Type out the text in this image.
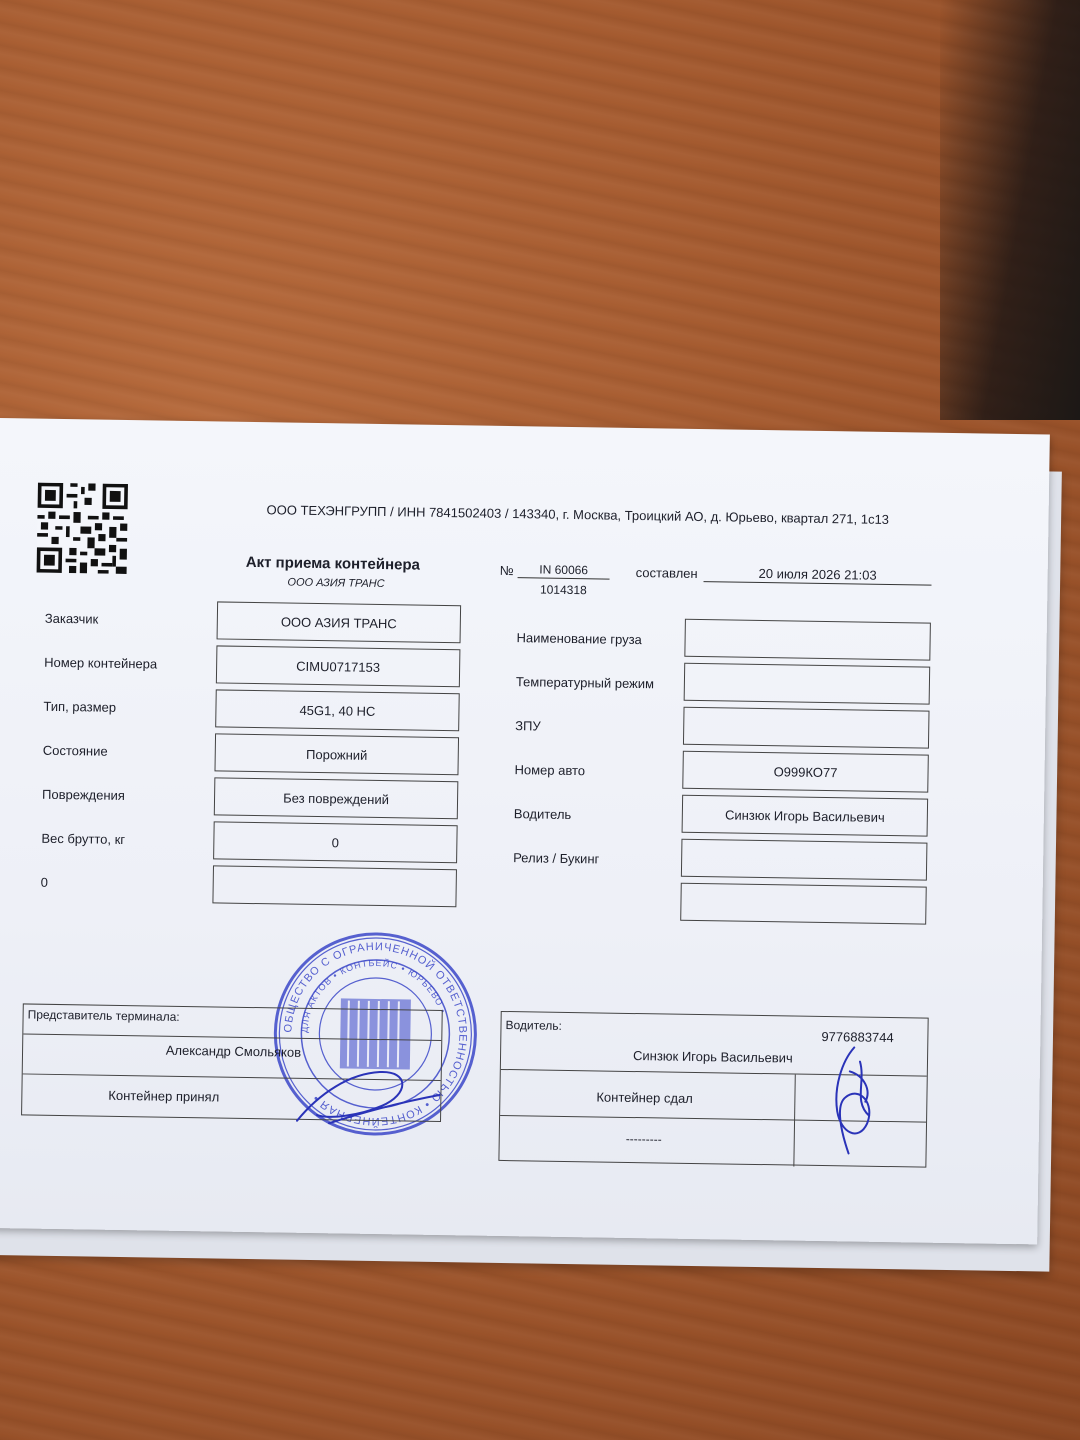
ООО ТЕХЭНГРУПП / ИНН 7841502403 / 143340, г. Москва, Троицкий АО, д. Юрьево, квартал 271, 1с13
Акт приема контейнера
ООО АЗИЯ ТРАНС
№	IN 60066
1014318
составлен	20 июля 2026 21:03
Заказчик	ООО АЗИЯ ТРАНС
Номер контейнера	CIMU0717153
Тип, размер	45G1, 40 HC
Состояние	Порожний
Повреждения	Без повреждений
Вес брутто, кг	0
0
Наименование груза
Температурный режим
ЗПУ
Номер авто	О999КО77
Водитель	Синзюк Игорь Васильевич
Релиз / Букинг
ОБЩЕСТВО С ОГРАНИЧЕННОЙ ОТВЕТСТВЕННОСТЬЮ • КОНТЕЙНЕРНАЯ •
ДЛЯ АКТОВ • КОНТБЕЙС • ЮРЬЕВО •
Представитель терминала:
Александр Смольяков
Контейнер принял
Водитель:
9776883744
Синзюк Игорь Васильевич
Контейнер сдал
---------
